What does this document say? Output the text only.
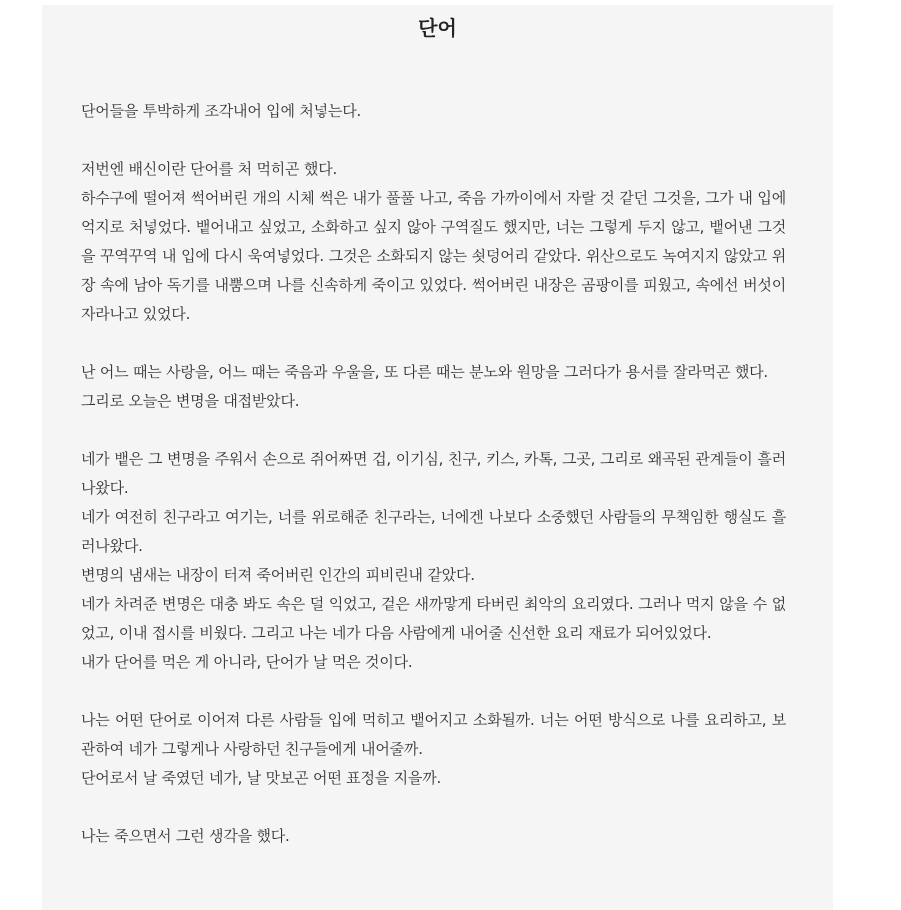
단어
단어들을 투박하게 조각내어 입에 처넣는다.
저번엔 배신이란 단어를 처 먹히곤 했다.
하수구에 떨어져 썩어버린 개의 시체 썩은 내가 풀풀 나고, 죽음 가까이에서 자랄 것 같던 그것을, 그가 내 입에 억지로 처넣었다. 뱉어내고 싶었고, 소화하고 싶지 않아 구역질도 했지만, 너는 그렇게 두지 않고, 뱉어낸 그것을 꾸역꾸역 내 입에 다시 욱여넣었다. 그것은 소화되지 않는 쇳덩어리 같았다. 위산으로도 녹여지지 않았고 위장 속에 남아 독기를 내뿜으며 나를 신속하게 죽이고 있었다. 썩어버린 내장은 곰팡이를 피웠고, 속에선 버섯이 자라나고 있었다.
난 어느 때는 사랑을, 어느 때는 죽음과 우울을, 또 다른 때는 분노와 원망을 그러다가 용서를 잘라먹곤 했다.
그리로 오늘은 변명을 대접받았다.
네가 뱉은 그 변명을 주워서 손으로 쥐어짜면 겁, 이기심, 친구, 키스, 카톡, 그곳, 그리로 왜곡된 관계들이 흘러나왔다.
네가 여전히 친구라고 여기는, 너를 위로해준 친구라는, 너에겐 나보다 소중했던 사람들의 무책임한 행실도 흘러나왔다.
변명의 냄새는 내장이 터져 죽어버린 인간의 피비린내 같았다.
네가 차려준 변명은 대충 봐도 속은 덜 익었고, 겉은 새까맣게 타버린 최악의 요리였다. 그러나 먹지 않을 수 없었고, 이내 접시를 비웠다. 그리고 나는 네가 다음 사람에게 내어줄 신선한 요리 재료가 되어있었다.
내가 단어를 먹은 게 아니라, 단어가 날 먹은 것이다.
나는 어떤 단어로 이어져 다른 사람들 입에 먹히고 뱉어지고 소화될까. 너는 어떤 방식으로 나를 요리하고, 보관하여 네가 그렇게나 사랑하던 친구들에게 내어줄까.
단어로서 날 죽였던 네가, 날 맛보곤 어떤 표정을 지을까.
나는 죽으면서 그런 생각을 했다.
